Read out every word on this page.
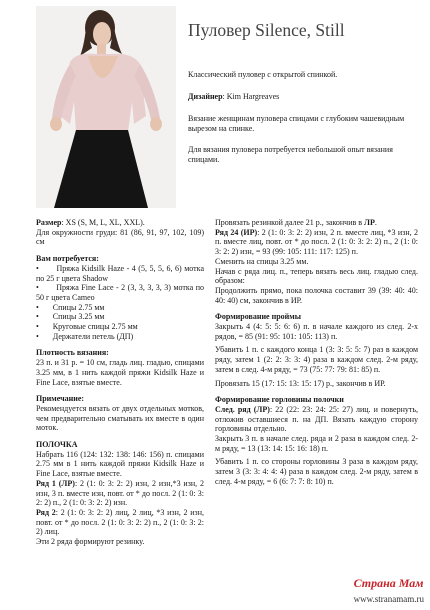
Пуловер Silence, Still
Классический пуловер с открытой спинкой.
Дизайнер: Kim Hargreaves
Вязание женщинам пуловера спицами с глубоким чашевидным вырезом на спинке.
Для вязания пуловера потребуется небольшой опыт вязания спицами.

Размер: XS (S, M, L, XL, XXL).

Для окружности груди: 81 (86, 91, 97, 102, 109) см

Вам потребуется:

•       Пряжа Kidsilk Haze - 4 (5, 5, 5, 6, 6) мотка по 25 г цвета Shadow

•       Пряжа Fine Lace - 2 (3, 3, 3, 3, 3) мотка по 50 г цвета Cameo

•       Спицы 2.75 мм

•       Спицы 3.25 мм

•       Круговые спицы 2.75 мм

•       Держатели петель (ДП)

Плотность вязания:

23 п. и 31 р. = 10 см, гладь лиц. гладью, спицами 3.25 мм, в 1 нить каждой пряжи Kidsilk Haze и Fine Lace, взятые вместе.

Примечание:

Рекомендуется вязать от двух отдельных мотков, чем предварительно сматывать их вместе в один моток.

ПОЛОЧКА

Набрать 116 (124: 132: 138: 146: 156) п. спицами 2.75 мм в 1 нить каждой пряжи Kidsilk Haze и Fine Lace, взятые вместе.

Ряд 1 (ЛР): 2 (1: 0: 3: 2: 2) изн, 2 изн,*3 изн, 2 изн, 3 п. вместе изн, повт. от * до посл. 2 (1: 0: 3: 2: 2) п., 2 (1: 0: 3: 2: 2) изн.

Ряд 2: 2 (1: 0: 3: 2: 2) лиц, 2 лиц, *3 изн, 2 изн, повт. от * до посл. 2 (1: 0: 3: 2: 2) п., 2 (1: 0: 3: 2: 2) лиц.

Эти 2 ряда формируют резинку.

Провязать резинкой далее 21 р., закончив в ЛР.

Ряд 24 (ИР): 2 (1: 0: 3: 2: 2) изн, 2 п. вместе лиц, *3 изн, 2 п. вместе лиц, повт. от * до посл. 2 (1: 0: 3: 2: 2) п., 2 (1: 0: 3: 2: 2) изн, = 93 (99: 105: 111: 117: 125) п.

Сменить на спицы 3.25 мм.

Начав с ряда лиц. п., теперь вязать весь лиц. гладью след. образом:

Продолжить прямо, пока полочка составит 39 (39: 40: 40: 40: 40) см, закончив в ИР.

Формирование проймы

Закрыть 4 (4: 5: 5: 6: 6) п. в начале каждого из след. 2-х рядов, = 85 (91: 95: 101: 105: 113) п.

Убавить 1 п. с каждого конца 1 (3: 3: 5: 5: 7) раз в каждом ряду, затем 1 (2: 2: 3: 3: 4) раза в каждом след. 2-м ряду, затем в след. 4-м ряду, = 73 (75: 77: 79: 81: 85) п.

Провязать 15 (17: 15: 13: 15: 17) р., закончив в ИР.

Формирование горловины полочки

След. ряд (ЛР): 22 (22: 23: 24: 25: 27) лиц. и повернуть, отложив оставшиеся п. на ДП. Вязать каждую сторону горловины отдельно.

Закрыть 3 п. в начале след. ряда и 2 раза в каждом след. 2-м ряду, = 13 (13: 14: 15: 16: 18) п.

Убавить 1 п. со стороны горловины 3 раза в каждом ряду, затем 3 (3: 3: 4: 4: 4) раза в каждом след. 2-м ряду, затем в след. 4-м ряду, = 6 (6: 7: 7: 8: 10) п.

Страна Мам
www.stranamam.ru
